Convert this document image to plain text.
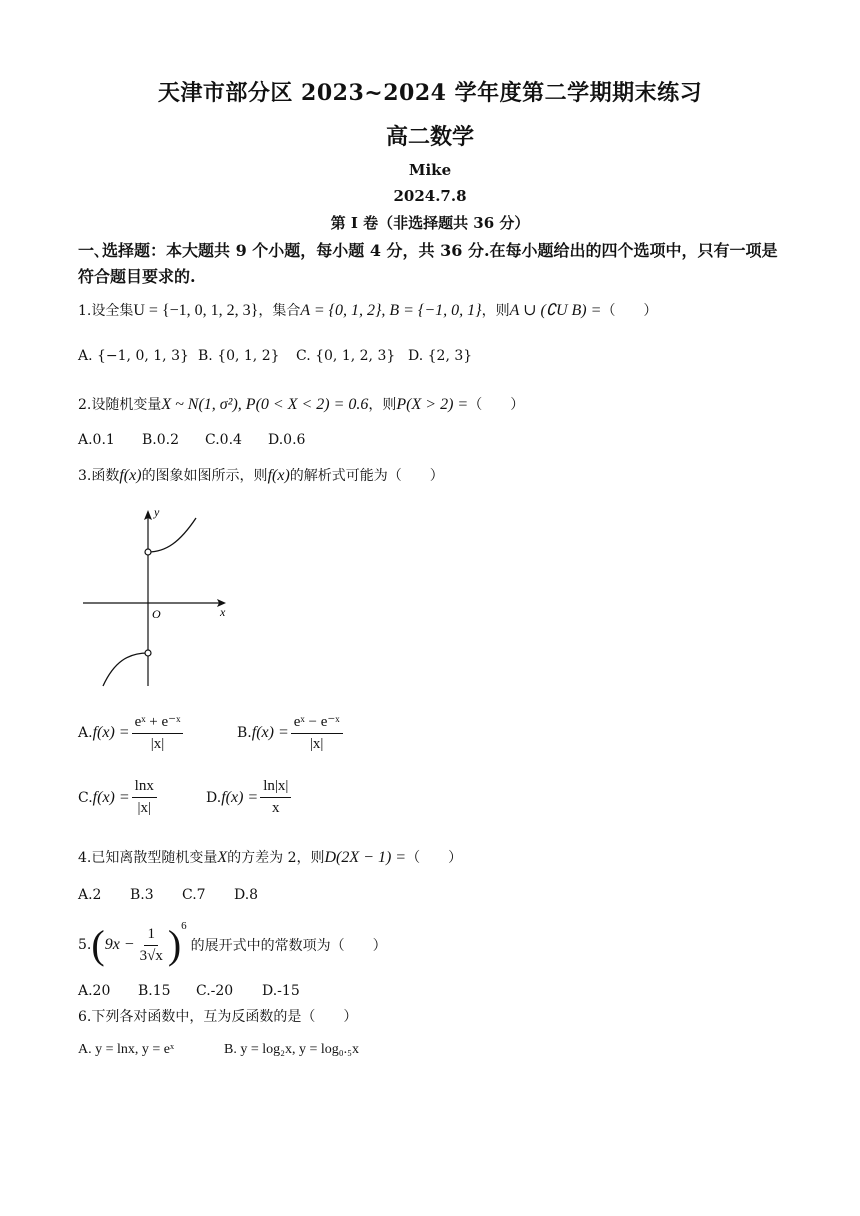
天津市部分区 2023~2024 学年度第二学期期末练习
高二数学
Mike
2024.7.8
第 I 卷（非选择题共 36 分）
一､选择题：本大题共 9 个小题，每小题 4 分，共 36 分.在每小题给出的四个选项中，只有一项是符合题目要求的.
1.设全集U = {−1, 0, 1, 2, 3}，集合A = {0, 1, 2}, B = {−1, 0, 1}，则A ∪ (∁U B) =（　　）
A. {−1, 0, 1, 3} B. {0, 1, 2} C. {0, 1, 2, 3} D. {2, 3}
2.设随机变量X ~ N(1, σ²), P(0 < X < 2) = 0.6，则P(X > 2) =（　　）
A.0.1 B.0.2 C.0.4 D.0.6
3.函数f(x)的图象如图所示，则f(x)的解析式可能为（　　）
y
x
O
$A.f(x) = \frac{\text{eˣ + e⁻ˣ}}{|x|}$	$B.f(x) = \frac{\text{eˣ − e⁻ˣ}}{|x|}$
$C.f(x) = \frac{\ln x}{|x|}$	$D.f(x) = \frac{\ln|x|}{x}$
4.已知离散型随机变量X的方差为 2，则D(2X − 1) =（　　）
A.2 B.3 C.7 D.8
5. ( $9x - \frac{1}{3√x}$ ) 6
的展开式中的常数项为（　　）
A.20 B.15 C.-20 D.-15
6.下列各对函数中，互为反函数的是（　　）
A. y = lnx, y = eˣ	B. y = log₂x, y = log₀.₅x
